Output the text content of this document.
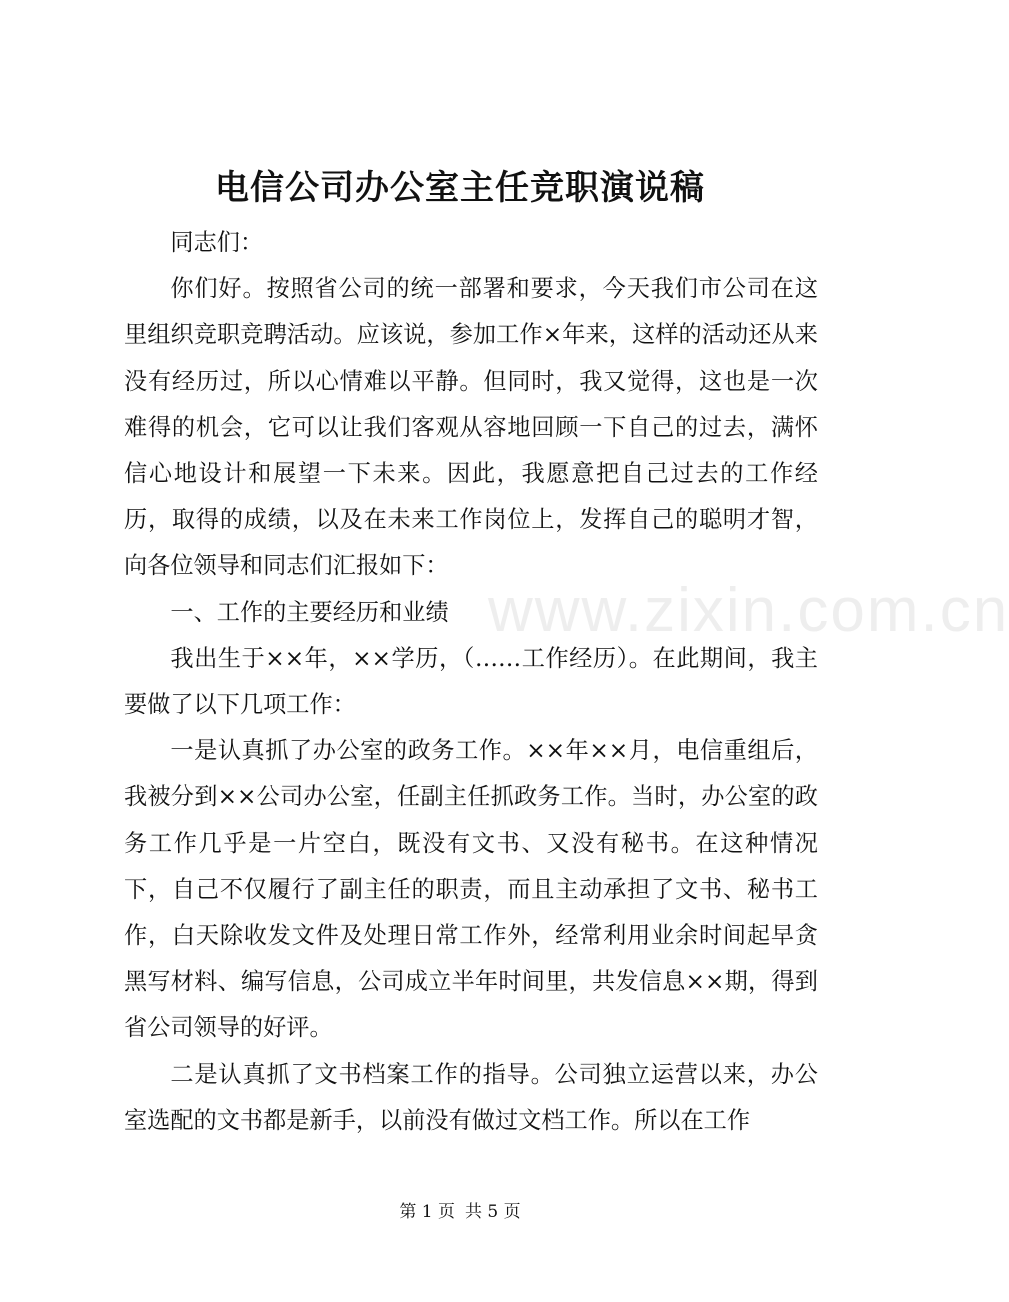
电信公司办公室主任竞职演说稿

同志们：

你们好。按照省公司的统一部署和要求，今天我们市公司在这里组织竞职竞聘活动。应该说，参加工作×年来，这样的活动还从来没有经历过，所以心情难以平静。但同时，我又觉得，这也是一次难得的机会，它可以让我们客观从容地回顾一下自己的过去，满怀信心地设计和展望一下未来。因此，我愿意把自己过去的工作经历，取得的成绩，以及在未来工作岗位上，发挥自己的聪明才智，向各位领导和同志们汇报如下：

一、工作的主要经历和业绩

我出生于××年，××学历，（……工作经历）。在此期间，我主要做了以下几项工作：

一是认真抓了办公室的政务工作。××年××月，电信重组后，我被分到××公司办公室，任副主任抓政务工作。当时，办公室的政务工作几乎是一片空白，既没有文书、又没有秘书。在这种情况下，自己不仅履行了副主任的职责，而且主动承担了文书、秘书工作，白天除收发文件及处理日常工作外，经常利用业余时间起早贪黑写材料、编写信息，公司成立半年时间里，共发信息××期，得到省公司领导的好评。

二是认真抓了文书档案工作的指导。公司独立运营以来，办公室选配的文书都是新手，以前没有做过文档工作。所以在工作

www.zixin.com.cn
第 1 页 共 5 页
